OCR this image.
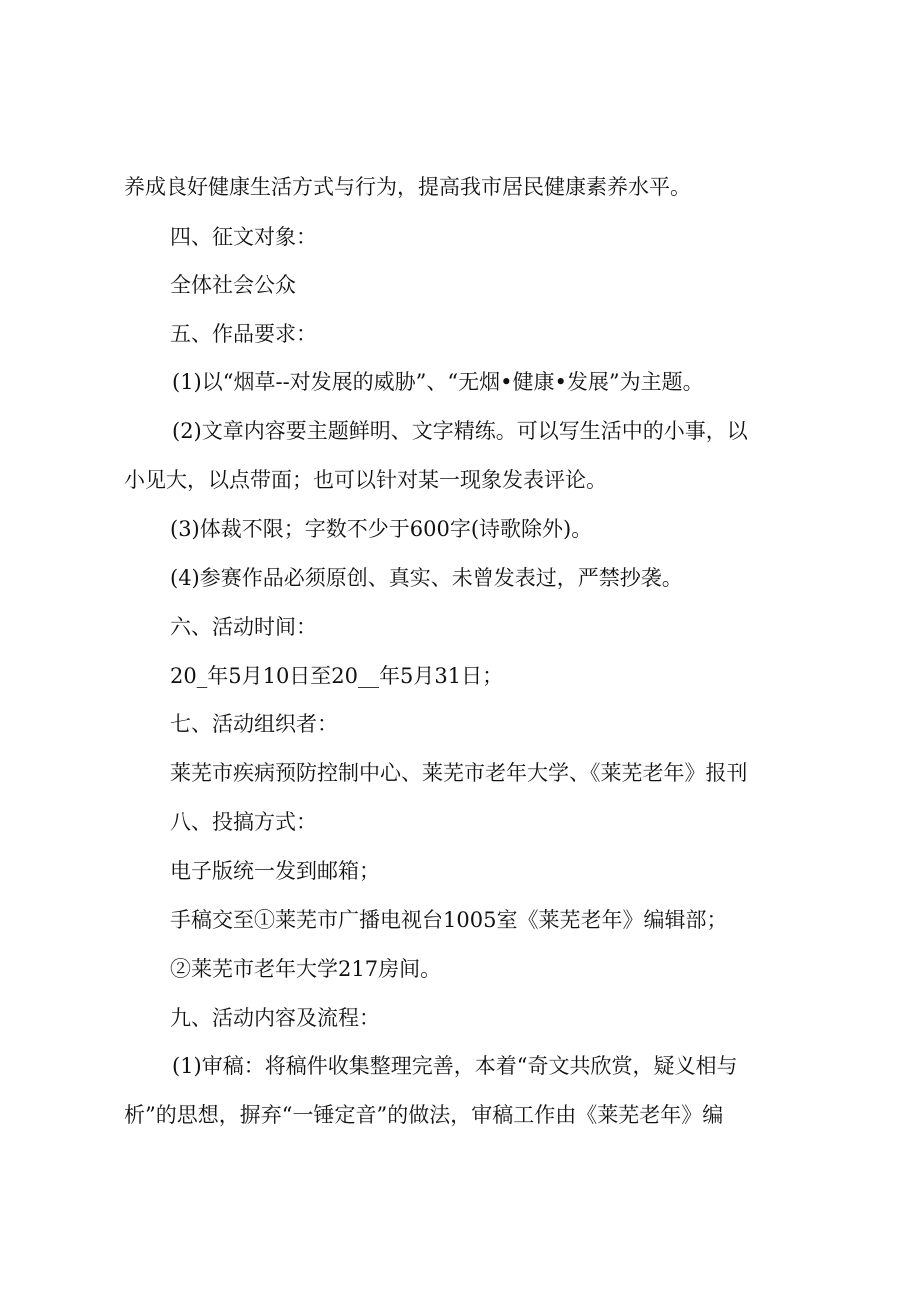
养成良好健康生活方式与行为，提高我市居民健康素养水平。

四、征文对象：

全体社会公众

五、作品要求：

(1)以“烟草--对发展的威胁”、“无烟•健康•发展”为主题。

(2)文章内容要主题鲜明、文字精练。可以写生活中的小事，以

小见大，以点带面；也可以针对某一现象发表评论。

(3)体裁不限；字数不少于600字(诗歌除外)。

(4)参赛作品必须原创、真实、未曾发表过，严禁抄袭。

六、活动时间：

20_年5月10日至20__年5月31日；

七、活动组织者：

莱芜市疾病预防控制中心、莱芜市老年大学、《莱芜老年》报刊

八、投搞方式：

电子版统一发到邮箱；

手稿交至①莱芜市广播电视台1005室《莱芜老年》编辑部；

②莱芜市老年大学217房间。

九、活动内容及流程：

(1)审稿：将稿件收集整理完善，本着“奇文共欣赏，疑义相与

析”的思想，摒弃“一锤定音”的做法，审稿工作由《莱芜老年》编
